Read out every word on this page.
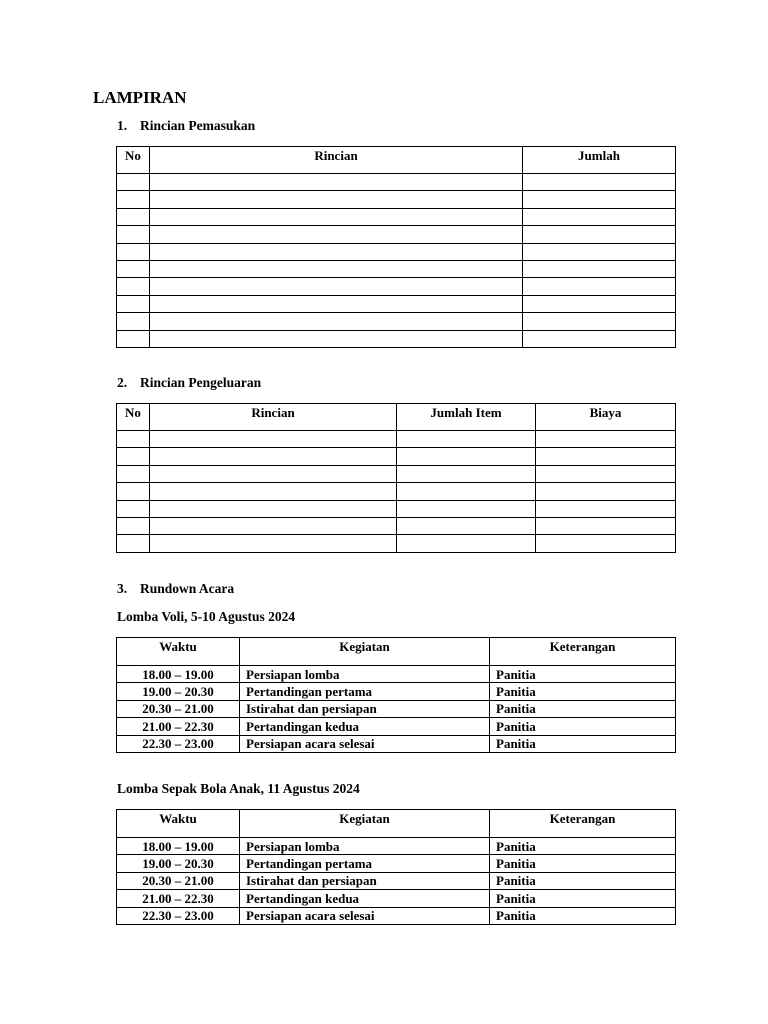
LAMPIRAN
1. Rincian Pemasukan
No	Rincian	Jumlah

2. Rincian Pengeluaran
No	Rincian	Jumlah Item	Biaya

3. Rundown Acara
Lomba Voli, 5-10 Agustus 2024
Waktu	Kegiatan	Keterangan
18.00 – 19.00	Persiapan lomba	Panitia
19.00 – 20.30	Pertandingan pertama	Panitia
20.30 – 21.00	Istirahat dan persiapan	Panitia
21.00 – 22.30	Pertandingan kedua	Panitia
22.30 – 23.00	Persiapan acara selesai	Panitia
Lomba Sepak Bola Anak, 11 Agustus 2024
Waktu	Kegiatan	Keterangan
18.00 – 19.00	Persiapan lomba	Panitia
19.00 – 20.30	Pertandingan pertama	Panitia
20.30 – 21.00	Istirahat dan persiapan	Panitia
21.00 – 22.30	Pertandingan kedua	Panitia
22.30 – 23.00	Persiapan acara selesai	Panitia
